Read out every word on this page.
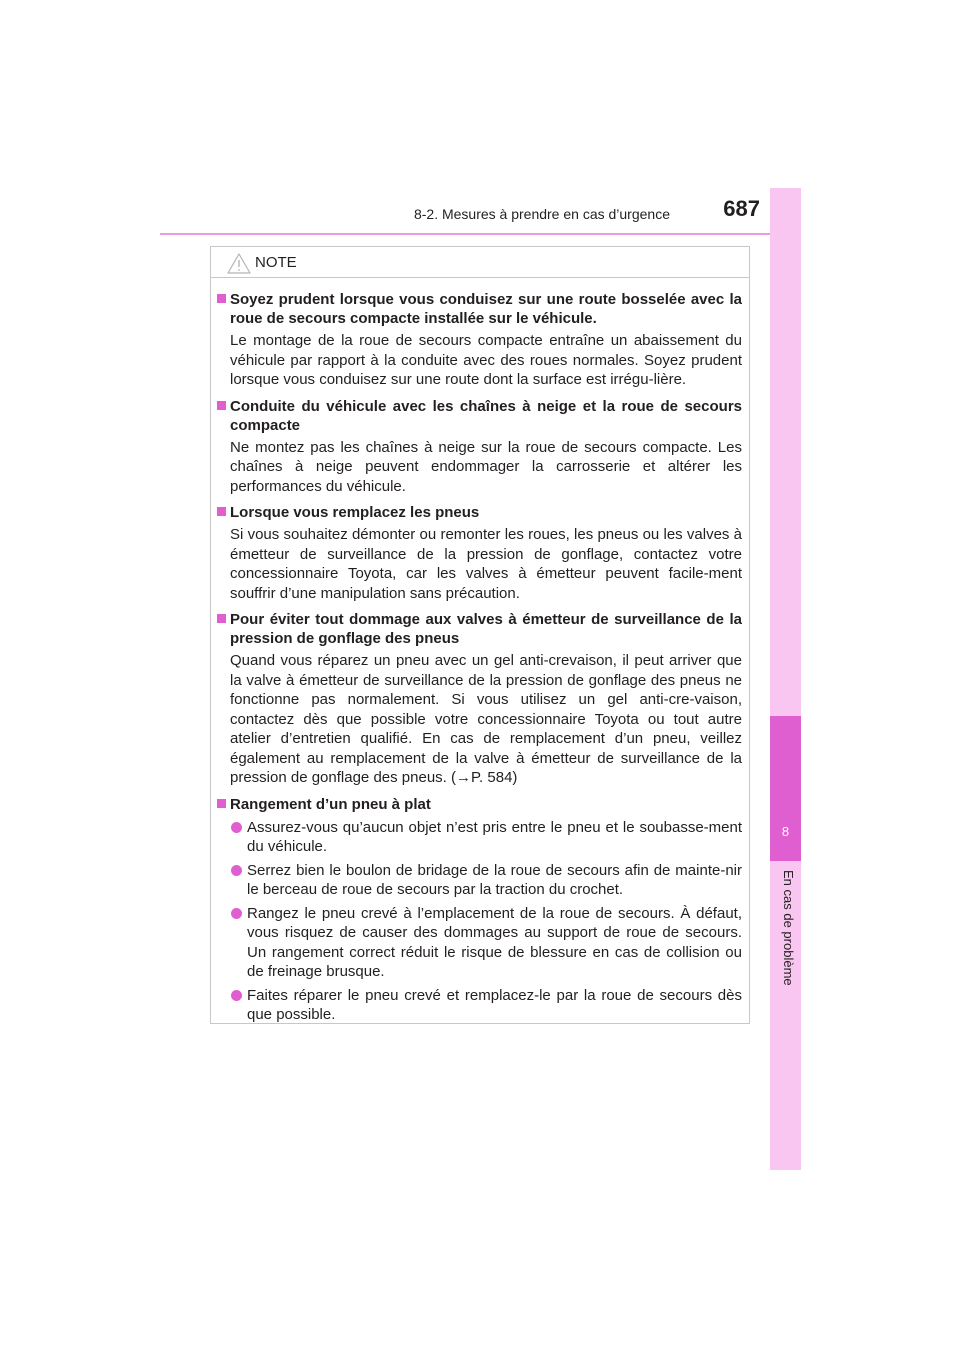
8-2. Mesures à prendre en cas d’urgence	687
8
En cas de problème
NOTE
Soyez prudent lorsque vous conduisez sur une route bosselée avec la roue de secours compacte installée sur le véhicule.
Le montage de la roue de secours compacte entraîne un abaissement du véhicule par rapport à la conduite avec des roues normales. Soyez prudent lorsque vous conduisez sur une route dont la surface est irrégu-lière.
Conduite du véhicule avec les chaînes à neige et la roue de secours compacte
Ne montez pas les chaînes à neige sur la roue de secours compacte. Les chaînes à neige peuvent endommager la carrosserie et altérer les performances du véhicule.
Lorsque vous remplacez les pneus
Si vous souhaitez démonter ou remonter les roues, les pneus ou les valves à émetteur de surveillance de la pression de gonflage, contactez votre concessionnaire Toyota, car les valves à émetteur peuvent facile-ment souffrir d’une manipulation sans précaution.
Pour éviter tout dommage aux valves à émetteur de surveillance de la pression de gonflage des pneus
Quand vous réparez un pneu avec un gel anti-crevaison, il peut arriver que la valve à émetteur de surveillance de la pression de gonflage des pneus ne fonctionne pas normalement. Si vous utilisez un gel anti-cre-vaison, contactez dès que possible votre concessionnaire Toyota ou tout autre atelier d’entretien qualifié. En cas de remplacement d’un pneu, veillez également au remplacement de la valve à émetteur de surveillance de la pression de gonflage des pneus. (→P. 584)
Rangement d’un pneu à plat
Assurez-vous qu’aucun objet n’est pris entre le pneu et le soubasse-ment du véhicule.
Serrez bien le boulon de bridage de la roue de secours afin de mainte-nir le berceau de roue de secours par la traction du crochet.
Rangez le pneu crevé à l’emplacement de la roue de secours. À défaut, vous risquez de causer des dommages au support de roue de secours. Un rangement correct réduit le risque de blessure en cas de collision ou de freinage brusque.
Faites réparer le pneu crevé et remplacez-le par la roue de secours dès que possible.
